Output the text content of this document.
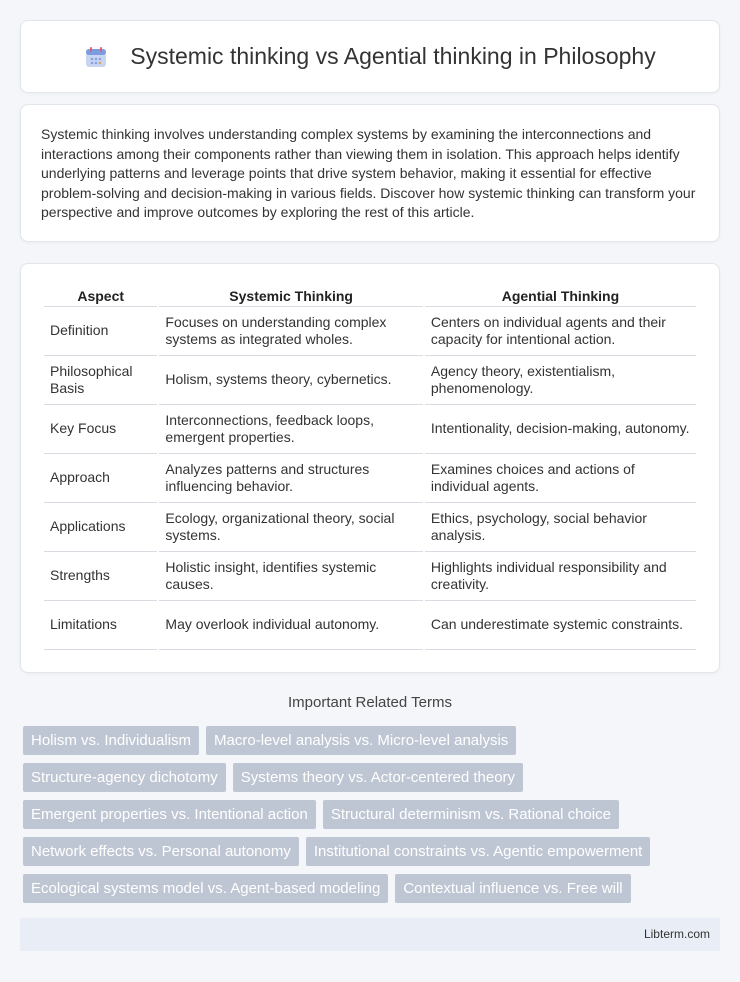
Systemic thinking vs Agential thinking in Philosophy

Systemic thinking involves understanding complex systems by examining the interconnections and interactions among their components rather than viewing them in isolation. This approach helps identify underlying patterns and leverage points that drive system behavior, making it essential for effective problem-solving and decision-making in various fields. Discover how systemic thinking can transform your perspective and improve outcomes by exploring the rest of this article.

Aspect	Systemic Thinking	Agential Thinking
Definition	Focuses on understanding complex systems as integrated wholes.	Centers on individual agents and their capacity for intentional action.
Philosophical Basis	Holism, systems theory, cybernetics.	Agency theory, existentialism, phenomenology.
Key Focus	Interconnections, feedback loops, emergent properties.	Intentionality, decision-making, autonomy.
Approach	Analyzes patterns and structures influencing behavior.	Examines choices and actions of individual agents.
Applications	Ecology, organizational theory, social systems.	Ethics, psychology, social behavior analysis.
Strengths	Holistic insight, identifies systemic causes.	Highlights individual responsibility and creativity.
Limitations	May overlook individual autonomy.	Can underestimate systemic constraints.
Important Related Terms
Holism vs. Individualism	Macro-level analysis vs. Micro-level analysis
Structure-agency dichotomy	Systems theory vs. Actor-centered theory
Emergent properties vs. Intentional action	Structural determinism vs. Rational choice
Network effects vs. Personal autonomy	Institutional constraints vs. Agentic empowerment
Ecological systems model vs. Agent-based modeling	Contextual influence vs. Free will
Libterm.com
